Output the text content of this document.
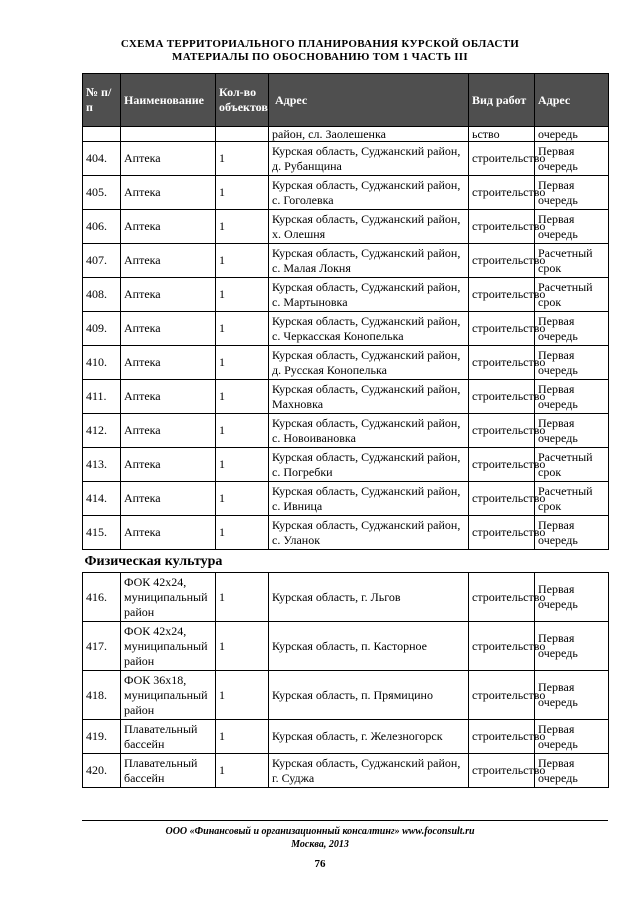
СХЕМА ТЕРРИТОРИАЛЬНОГО ПЛАНИРОВАНИЯ КУРСКОЙ ОБЛАСТИ
МАТЕРИАЛЫ ПО ОБОСНОВАНИЮ ТОМ 1 ЧАСТЬ III
№ п/п	Наименование	Кол-во объектов	Адрес	Вид работ	Адрес
			район, сл. Заолешенка	ьство	очередь
404.	Аптека	1	Курская область, Суджанский район, д. Рубанщина	строительство	Первая очередь
405.	Аптека	1	Курская область, Суджанский район, с. Гоголевка	строительство	Первая очередь
406.	Аптека	1	Курская область, Суджанский район, х. Олешня	строительство	Первая очередь
407.	Аптека	1	Курская область, Суджанский район, с. Малая Локня	строительство	Расчетный срок
408.	Аптека	1	Курская область, Суджанский район, с. Мартыновка	строительство	Расчетный срок
409.	Аптека	1	Курская область, Суджанский район, с. Черкасская Конопелька	строительство	Первая очередь
410.	Аптека	1	Курская область, Суджанский район, д. Русская Конопелька	строительство	Первая очередь
411.	Аптека	1	Курская область, Суджанский район, Махновка	строительство	Первая очередь
412.	Аптека	1	Курская область, Суджанский район, с. Новоивановка	строительство	Первая очередь
413.	Аптека	1	Курская область, Суджанский район, с. Погребки	строительство	Расчетный срок
414.	Аптека	1	Курская область, Суджанский район, с. Ивница	строительство	Расчетный срок
415.	Аптека	1	Курская область, Суджанский район, с. Уланок	строительство	Первая очередь
Физическая культура					
416.	ФОК 42х24, муниципальный район	1	Курская область, г. Льгов	строительство	Первая очередь
417.	ФОК 42х24, муниципальный район	1	Курская область, п. Касторное	строительство	Первая очередь
418.	ФОК 36х18, муниципальный район	1	Курская область, п. Прямицино	строительство	Первая очередь
419.	Плавательный бассейн	1	Курская область, г. Железногорск	строительство	Первая очередь
420.	Плавательный бассейн	1	Курская область, Суджанский район, г. Суджа	строительство	Первая очередь
ООО «Финансовый и организационный консалтинг» www.foconsult.ru
Москва, 2013
76
